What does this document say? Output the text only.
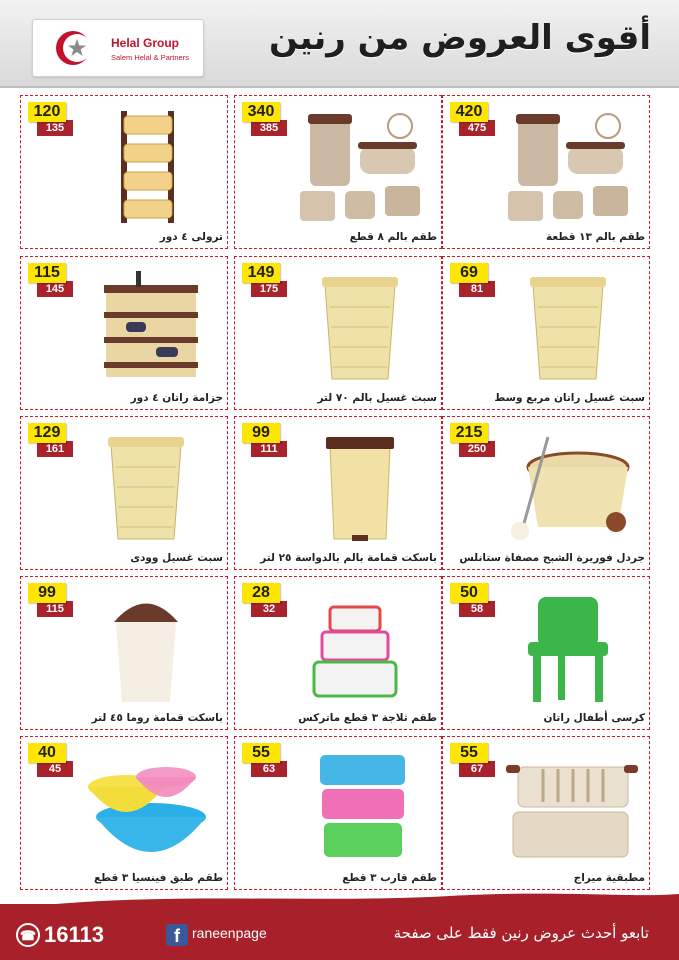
Helal Group
Salem Helal & Partners أقوى العروض من رنين
420
475
طقم بالم ١٣ قطعة
340
385
طقم بالم ٨ قطع
120
135
ترولى ٤ دور
69
81
سبت غسيل راتان مربع وسط
149
175
سبت غسيل بالم ٧٠ لتر
115
145
جزامة راتان ٤ دور
215
250
جردل فوريرة الشبح مصفاة ستانلس
99
111
باسكت قمامة بالم بالدواسة ٢٥ لتر
129
161
سبت غسيل وودى
50
58
كرسى أطفال راتان
28
32
طقم ثلاجة ٣ قطع ماتركس
99
115
باسكت قمامة روما ٤٥ لتر
55
67
مطبقية ميراج
55
63
طقم قارب ٣ قطع
40
45
طقم طبق فينسيا ٣ قطع
☎ 16113	f raneenpage	تابعو أحدث عروض رنين فقط على صفحة
